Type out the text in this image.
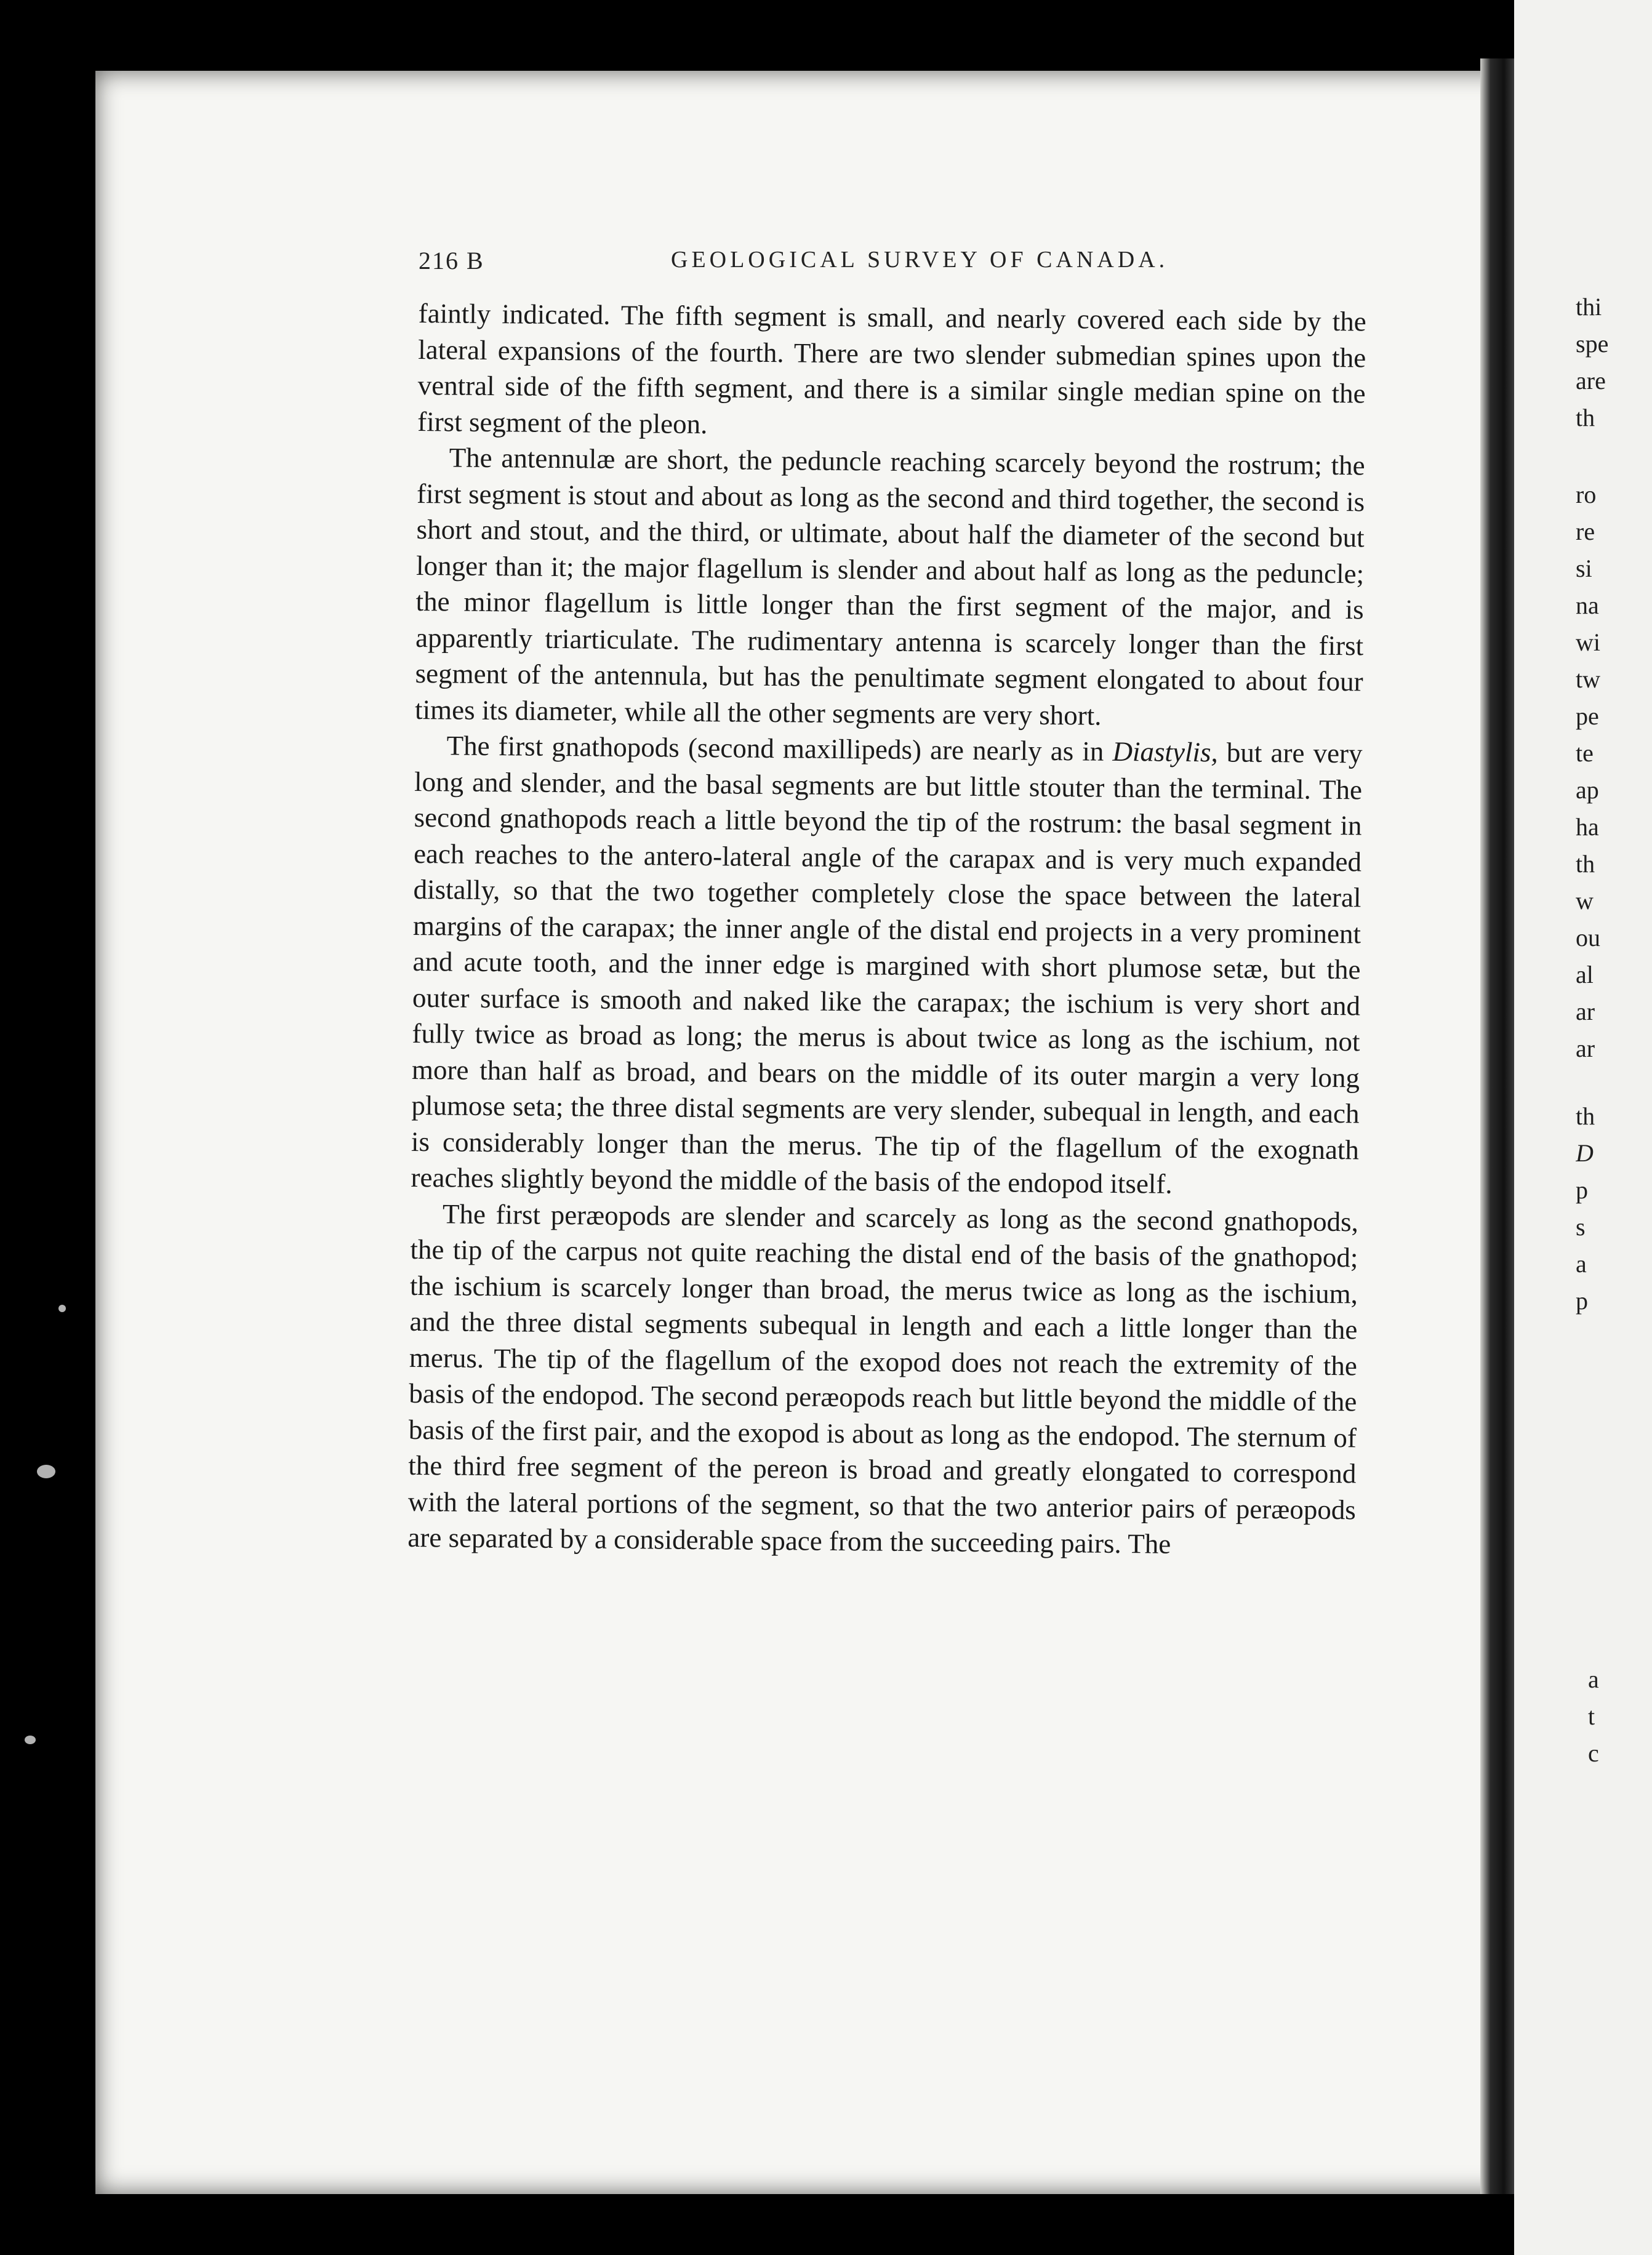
216 B	GEOLOGICAL SURVEY OF CANADA.

faintly indicated. The fifth segment is small, and nearly covered each side by the lateral expansions of the fourth. There are two slender submedian spines upon the ventral side of the fifth segment, and there is a similar single median spine on the first segment of the pleon.

The antennulæ are short, the peduncle reaching scarcely beyond the rostrum; the first segment is stout and about as long as the second and third together, the second is short and stout, and the third, or ultimate, about half the diameter of the second but longer than it; the major flagellum is slender and about half as long as the peduncle; the minor flagellum is little longer than the first segment of the major, and is apparently triarticulate. The rudimentary antenna is scarcely longer than the first segment of the antennula, but has the penultimate segment elongated to about four times its diameter, while all the other segments are very short.

The first gnathopods (second maxillipeds) are nearly as in Diastylis, but are very long and slender, and the basal segments are but little stouter than the terminal. The second gnathopods reach a little beyond the tip of the rostrum: the basal segment in each reaches to the antero-lateral angle of the carapax and is very much expanded distally, so that the two together completely close the space between the lateral margins of the carapax; the inner angle of the distal end projects in a very prominent and acute tooth, and the inner edge is margined with short plumose setæ, but the outer surface is smooth and naked like the carapax; the ischium is very short and fully twice as broad as long; the merus is about twice as long as the ischium, not more than half as broad, and bears on the middle of its outer margin a very long plumose seta; the three distal segments are very slender, subequal in length, and each is considerably longer than the merus. The tip of the flagellum of the exognath reaches slightly beyond the middle of the basis of the endopod itself.

The first peræopods are slender and scarcely as long as the second gnathopods, the tip of the carpus not quite reaching the distal end of the basis of the gnathopod; the ischium is scarcely longer than broad, the merus twice as long as the ischium, and the three distal segments subequal in length and each a little longer than the merus. The tip of the flagellum of the exopod does not reach the extremity of the basis of the endopod. The second peræopods reach but little beyond the middle of the basis of the first pair, and the exopod is about as long as the endopod. The sternum of the third free segment of the pereon is broad and greatly elongated to correspond with the lateral portions of the segment, so that the two anterior pairs of peræopods are separated by a considerable space from the succeeding pairs. The

thi
spe
are
th
ro
re
si
na
wi
tw
pe
te
ap
ha
th
w
ou
al
ar
ar
th
D
p
s
a
p
a
t
c
